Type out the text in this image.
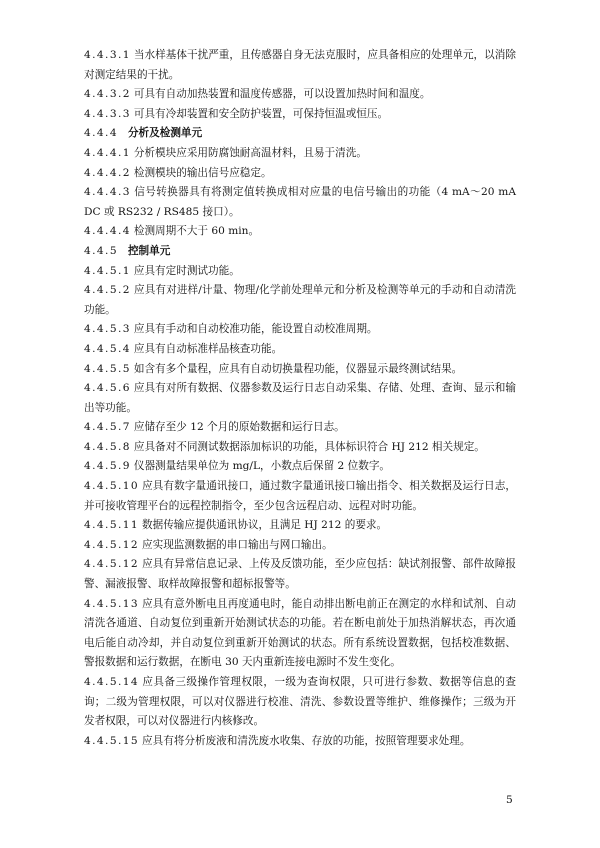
4.4.3.1 当水样基体干扰严重，且传感器自身无法克服时，应具备相应的处理单元，以消除对测定结果的干扰。

4.4.3.2 可具有自动加热装置和温度传感器，可以设置加热时间和温度。

4.4.3.3 可具有冷却装置和安全防护装置，可保持恒温或恒压。

4.4.4 分析及检测单元

4.4.4.1 分析模块应采用防腐蚀耐高温材料，且易于清洗。

4.4.4.2 检测模块的输出信号应稳定。

4.4.4.3 信号转换器具有将测定值转换成相对应量的电信号输出的功能（4 mA～20 mA DC 或 RS232 / RS485 接口）。

4.4.4.4 检测周期不大于 60 min。

4.4.5 控制单元

4.4.5.1 应具有定时测试功能。

4.4.5.2 应具有对进样/计量、物理/化学前处理单元和分析及检测等单元的手动和自动清洗功能。

4.4.5.3 应具有手动和自动校准功能，能设置自动校准周期。

4.4.5.4 应具有自动标准样品核查功能。

4.4.5.5 如含有多个量程，应具有自动切换量程功能，仪器显示最终测试结果。

4.4.5.6 应具有对所有数据、仪器参数及运行日志自动采集、存储、处理、查询、显示和输出等功能。

4.4.5.7 应储存至少 12 个月的原始数据和运行日志。

4.4.5.8 应具备对不同测试数据添加标识的功能，具体标识符合 HJ 212 相关规定。

4.4.5.9 仪器测量结果单位为 mg/L，小数点后保留 2 位数字。

4.4.5.10 应具有数字量通讯接口，通过数字量通讯接口输出指令、相关数据及运行日志，并可接收管理平台的远程控制指令，至少包含远程启动、远程对时功能。

4.4.5.11 数据传输应提供通讯协议，且满足 HJ 212 的要求。

4.4.5.12 应实现监测数据的串口输出与网口输出。

4.4.5.12 应具有异常信息记录、上传及反馈功能，至少应包括：缺试剂报警、部件故障报警、漏液报警、取样故障报警和超标报警等。

4.4.5.13 应具有意外断电且再度通电时，能自动排出断电前正在测定的水样和试剂、自动清洗各通道、自动复位到重新开始测试状态的功能。若在断电前处于加热消解状态，再次通电后能自动冷却，并自动复位到重新开始测试的状态。所有系统设置数据，包括校准数据、警报数据和运行数据，在断电 30 天内重新连接电源时不发生变化。

4.4.5.14 应具备三级操作管理权限，一级为查询权限，只可进行参数、数据等信息的查询；二级为管理权限，可以对仪器进行校准、清洗、参数设置等维护、维修操作；三级为开发者权限，可以对仪器进行内核修改。

4.4.5.15 应具有将分析废液和清洗废水收集、存放的功能，按照管理要求处理。

5
